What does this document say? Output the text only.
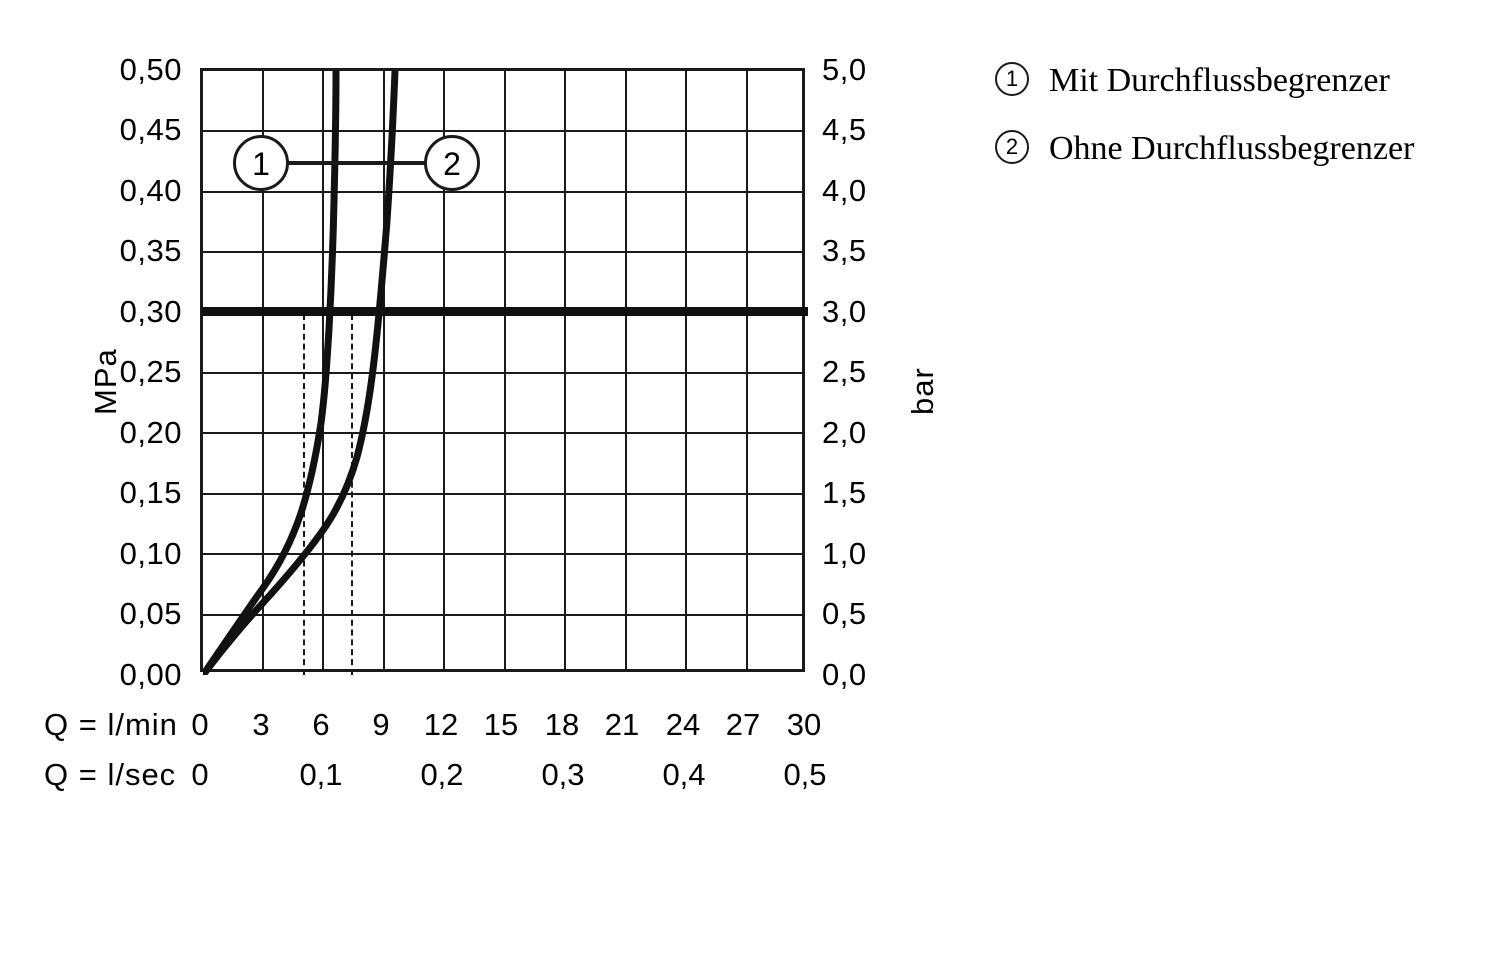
MPa	bar
0,50
0,45
0,40
0,35
0,30
0,25
0,20
0,15
0,10
0,05
0,00
5,0
4,5
4,0
3,5
3,0
2,5
2,0
1,5
1,0
0,5
0,0
1	2
Q = l/min 0	3	6	9	12 15 18 21 24 27 30
Q = l/sec 0	0,1	0,2	0,3	0,4	0,5
1 Mit Durchflussbegrenzer
2 Ohne Durchflussbegrenzer
